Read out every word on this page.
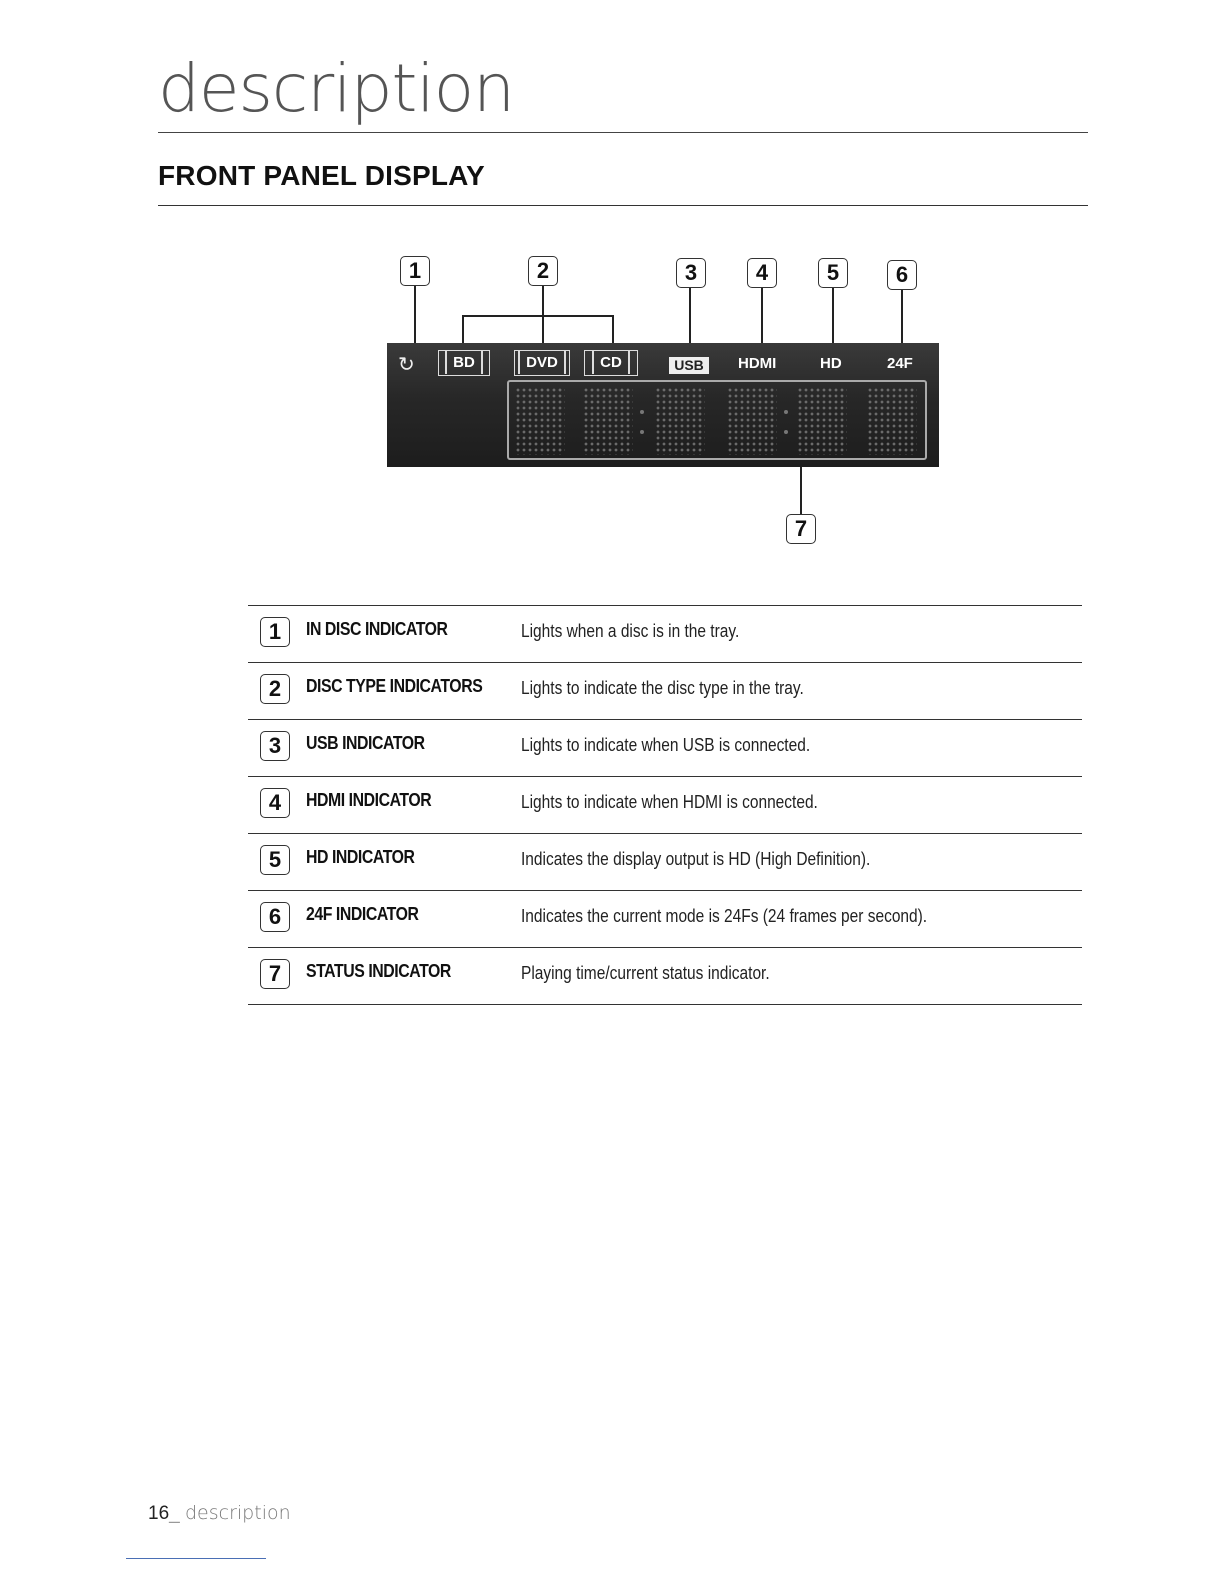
description
FRONT PANEL DISPLAY
1	2	3	4	5	6
7
↻	BD	DVD	CD	USB	HDMI	HD	24F
1	IN DISC INDICATOR	Lights when a disc is in the tray.
2	DISC TYPE INDICATORS Lights to indicate the disc type in the tray.
3	USB INDICATOR	Lights to indicate when USB is connected.
4	HDMI INDICATOR	Lights to indicate when HDMI is connected.
5	HD INDICATOR	Indicates the display output is HD (High Definition).
6	24F INDICATOR	Indicates the current mode is 24Fs (24 frames per second).
7	STATUS INDICATOR	Playing time/current status indicator.
16_ description
